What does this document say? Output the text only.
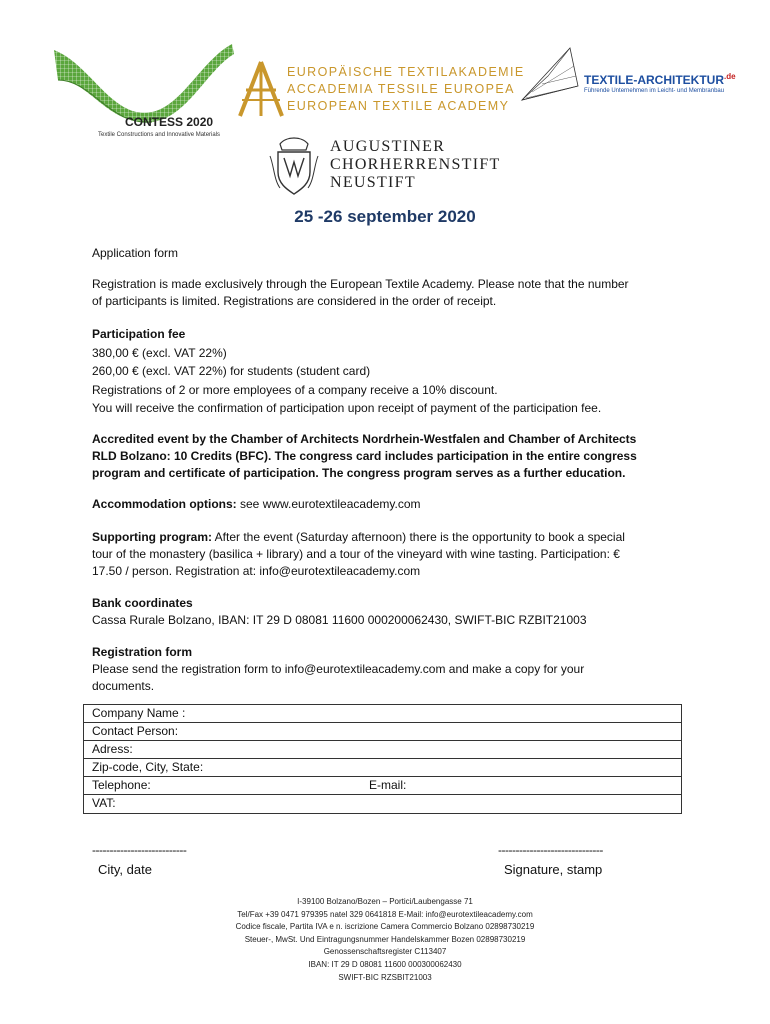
CONTESS 2020
Textile Constructions and Innovative Materials
EUROPÄISCHE TEXTILAKADEMIE
ACCADEMIA TESSILE EUROPEA
EUROPEAN TEXTILE ACADEMY
TEXTILE-$ARCHITEKTUR^{.de}$
Führende Unternehmen im Leicht- und Membranbau
AUGUSTINER
CHORHERRENSTIFT
NEUSTIFT
25 -26 september 2020
Application form
Registration is made exclusively through the European Textile Academy. Please note that the number
of participants is limited. Registrations are considered in the order of receipt.
Participation fee
380,00 € (excl. VAT 22%)
260,00 € (excl. VAT 22%) for students (student card)
Registrations of 2 or more employees of a company receive a 10% discount.
You will receive the confirmation of participation upon receipt of payment of the participation fee.
Accredited event by the Chamber of Architects Nordrhein-Westfalen and Chamber of Architects
RLD Bolzano: 10 Credits (BFC). The congress card includes participation in the entire congress
program and certificate of participation. The congress program serves as a further education.
Accommodation options: see www.eurotextileacademy.com
Supporting program: After the event (Saturday afternoon) there is the opportunity to book a special
tour of the monastery (basilica + library) and a tour of the vineyard with wine tasting. Participation: €
17.50 / person. Registration at: info@eurotextileacademy.com
Bank coordinates
Cassa Rurale Bolzano, IBAN: IT 29 D 08081 11600 000200062430, SWIFT-BIC RZBIT21003
Registration form
Please send the registration form to info@eurotextileacademy.com and make a copy for your
documents.
Company Name :
Contact Person:
Adress:
Zip-code, City, State:
Telephone:	E-mail:
VAT:
---------------------------
City, date
------------------------------
Signature, stamp
I-39100 Bolzano/Bozen – Portici/Laubengasse 71
Tel/Fax +39 0471 979395 natel 329 0641818 E-Mail: info@eurotextileacademy.com
Codice fiscale, Partita IVA e n. iscrizione Camera Commercio Bolzano 02898730219
Steuer-, MwSt. Und Eintragungsnummer Handelskammer Bozen 02898730219
Genossenschaftsregister C113407
IBAN: IT 29 D 08081 11600 000300062430
SWIFT-BIC RZSBIT21003
